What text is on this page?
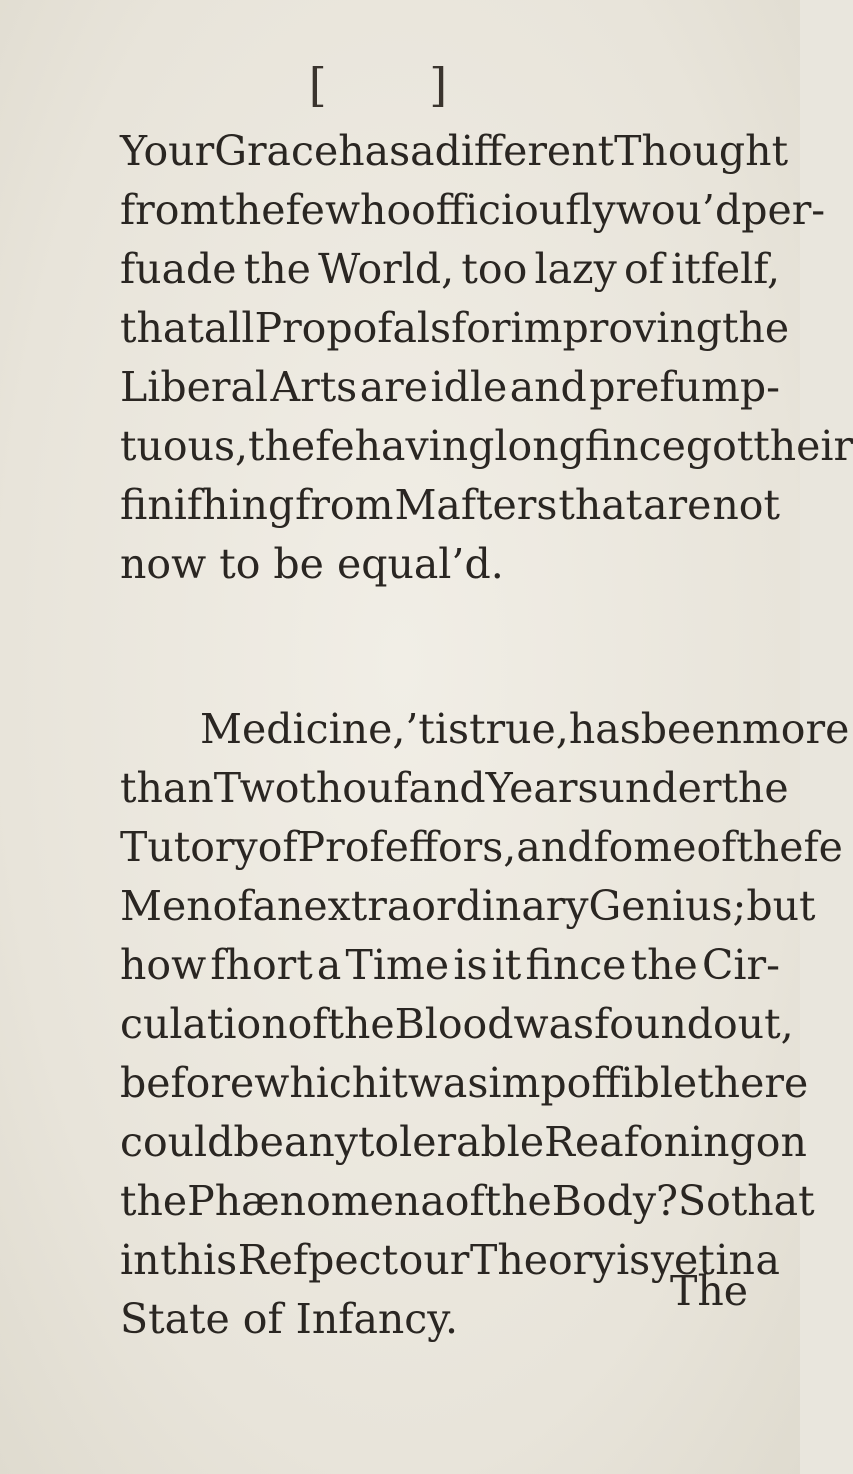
[ ]
Your Grace has a different Thought
from thefe who officioufly wou’d per-
fuade the World, too lazy of itfelf,
that all Propofals for improving the
Liberal Arts are idle and prefump-
tuous, thefe having long fince got their
finifhing from Mafters that are not
now to be equal’d.
Medicine, ’tis true, has been more
than Two thoufand Years under the
Tutory of Profeffors, and fome of thefe
Men of an extraordinary Genius; but
how fhort a Time is it fince the Cir-
culation of the Blood was found out,
before which it was impoffible there
could be any tolerable Reafoning on
the Phænomena of the Body? So that
in this Refpect our Theory is yet in a
State of Infancy.
The
